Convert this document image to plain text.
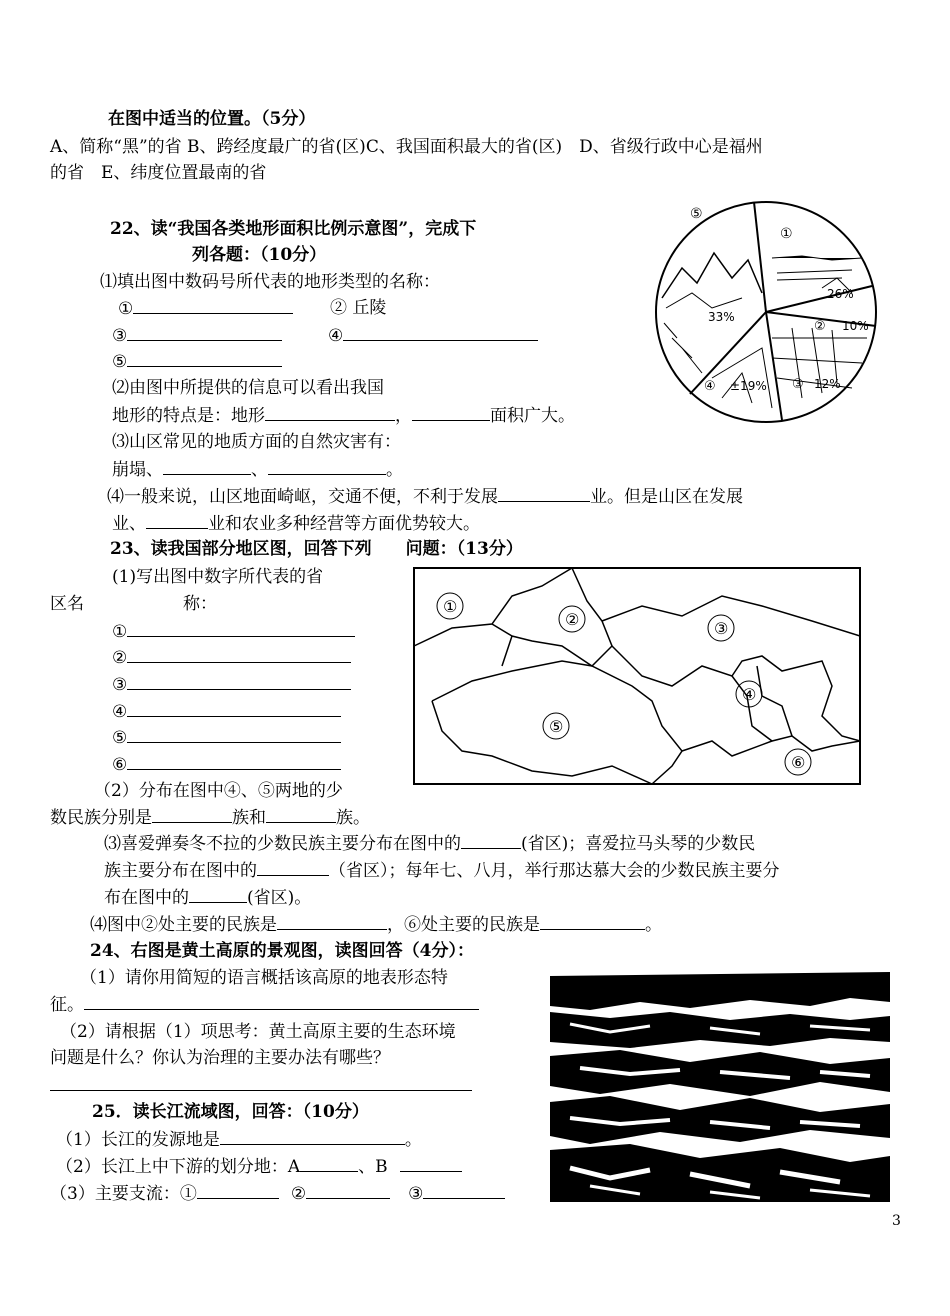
在图中适当的位置。（5分）
A、简称“黑”的省 B、跨经度最广的省(区)C、我国面积最大的省(区)　D、省级行政中心是福州
的省　E、纬度位置最南的省
22、读“我国各类地形面积比例示意图”，完成下
列各题：（10分）
⑴填出图中数码号所代表的地形类型的名称：
①	② 丘陵
③	④
⑤
⑵由图中所提供的信息可以看出我国
地形的特点是：地形	，	面积广大。
⑶山区常见的地质方面的自然灾害有：
崩塌、	、	。
⑷一般来说，山区地面崎岖，交通不便，不利于发展	业。但是山区在发展
业、	业和农业多种经营等方面优势较大。
⑤
①
33%
26%
② 10%
③ 12%
④ ±19%
23、读我国部分地区图，回答下列　　问题：（13分）
(1)写出图中数字所代表的省
区名	称：
①
②
③
④
⑤
⑥
①
②	③
④
⑤
⑥
（2）分布在图中④、⑤两地的少
数民族分别是	族和	族。
⑶喜爱弹奏冬不拉的少数民族主要分布在图中的	(省区)；喜爱拉马头琴的少数民
族主要分布在图中的	（省区）；每年七、八月，举行那达慕大会的少数民族主要分
布在图中的	(省区)。
⑷图中②处主要的民族是	，⑥处主要的民族是	。
24、右图是黄土高原的景观图，读图回答（4分）：
（1）请你用简短的语言概括该高原的地表形态特
征。
（2）请根据（1）项思考：黄土高原主要的生态环境
问题是什么？你认为治理的主要办法有哪些？
25．读长江流域图，回答：（10分）
（1）长江的发源地是	。
（2）长江上中下游的划分地：A	、B
（3）主要支流：①	②	③
3
